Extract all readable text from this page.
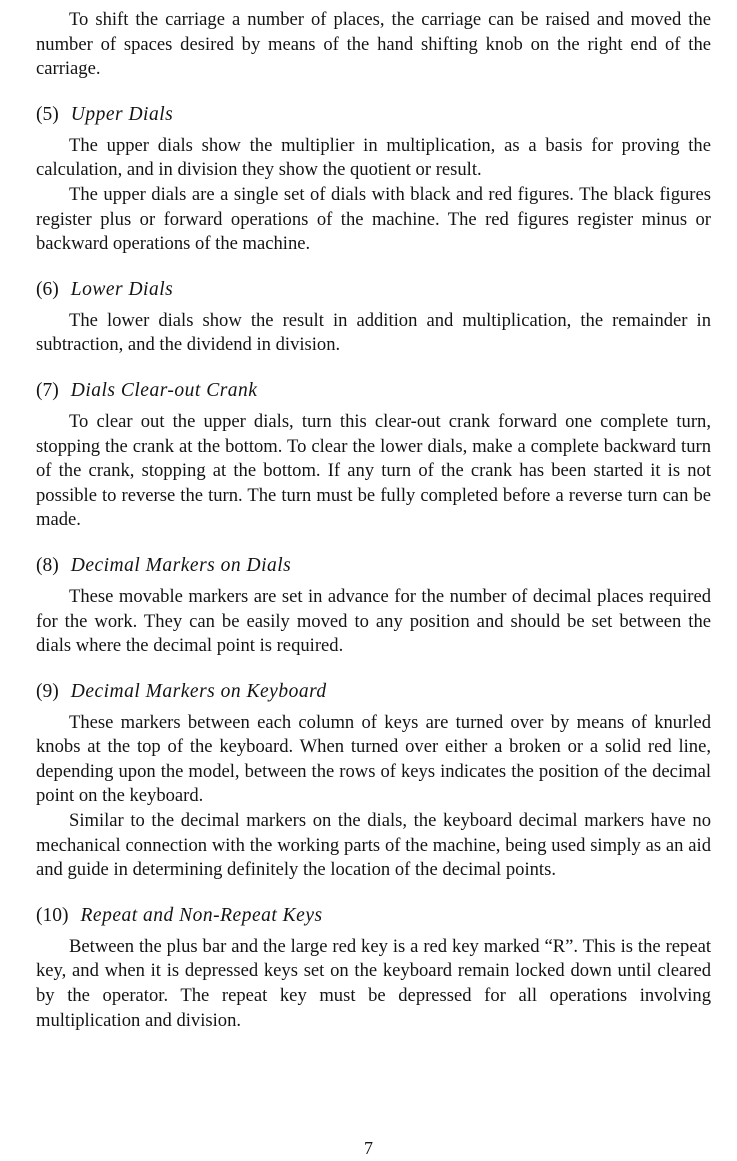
To shift the carriage a number of places, the carriage can be raised and moved the number of spaces desired by means of the hand shifting knob on the right end of the carriage.

(5) Upper Dials

The upper dials show the multiplier in multiplication, as a basis for proving the calculation, and in division they show the quotient or result.

The upper dials are a single set of dials with black and red figures. The black figures register plus or forward operations of the machine. The red figures register minus or backward operations of the machine.

(6) Lower Dials

The lower dials show the result in addition and multiplication, the remainder in subtraction, and the dividend in division.

(7) Dials Clear-out Crank

To clear out the upper dials, turn this clear-out crank forward one complete turn, stopping the crank at the bottom. To clear the lower dials, make a complete backward turn of the crank, stopping at the bottom. If any turn of the crank has been started it is not possible to reverse the turn. The turn must be fully completed before a reverse turn can be made.

(8) Decimal Markers on Dials

These movable markers are set in advance for the number of decimal places required for the work. They can be easily moved to any position and should be set between the dials where the decimal point is required.

(9) Decimal Markers on Keyboard

These markers between each column of keys are turned over by means of knurled knobs at the top of the keyboard. When turned over either a broken or a solid red line, depending upon the model, between the rows of keys indicates the position of the decimal point on the keyboard.

Similar to the decimal markers on the dials, the keyboard decimal markers have no mechanical connection with the working parts of the machine, being used simply as an aid and guide in determining definitely the location of the decimal points.

(10) Repeat and Non-Repeat Keys

Between the plus bar and the large red key is a red key marked “R”. This is the repeat key, and when it is depressed keys set on the keyboard remain locked down until cleared by the operator. The repeat key must be depressed for all operations involving multiplication and division.

7
